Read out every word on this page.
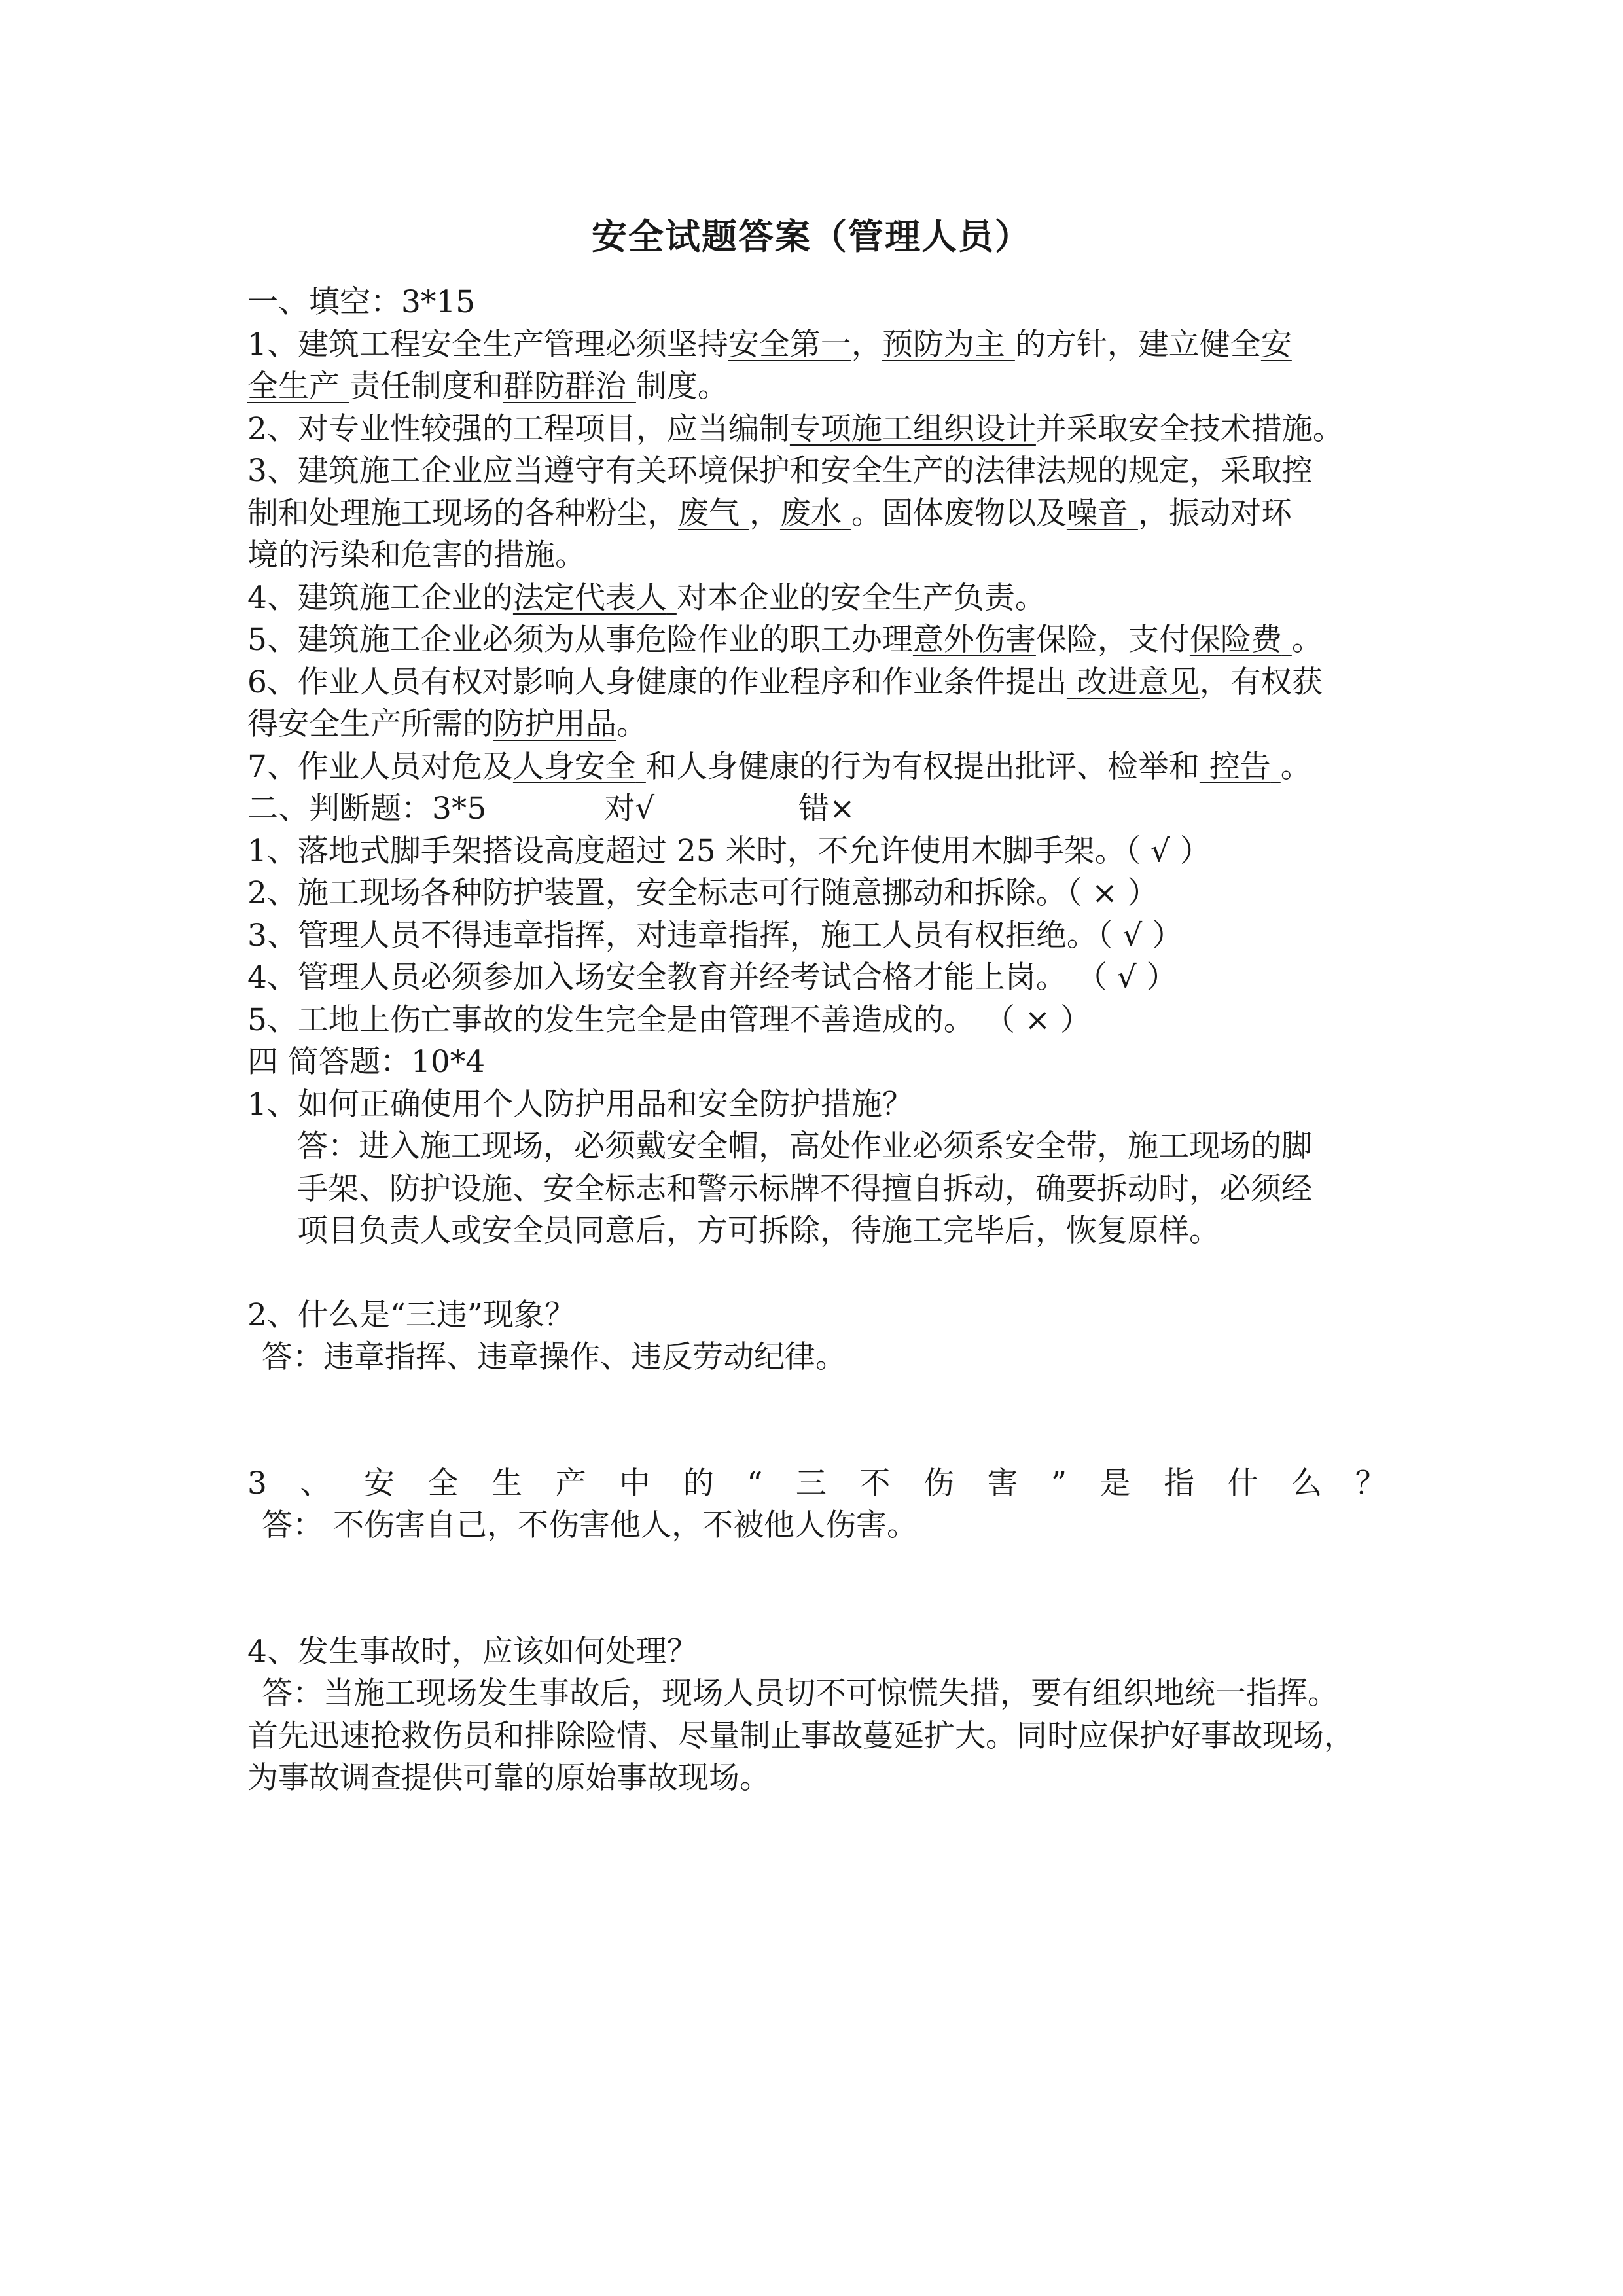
安全试题答案（管理人员）
一、填空：3*15
1、建筑工程安全生产管理必须坚持安全第一，预防为主 的方针，建立健全安
全生产 责任制度和群防群治 制度。
2、对专业性较强的工程项目，应当编制专项施工组织设计并采取安全技术措施。
3、建筑施工企业应当遵守有关环境保护和安全生产的法律法规的规定，采取控
制和处理施工现场的各种粉尘，废气 ，废水 。固体废物以及噪音 ，振动对环
境的污染和危害的措施。
4、建筑施工企业的法定代表人 对本企业的安全生产负责。
5、建筑施工企业必须为从事危险作业的职工办理意外伤害保险，支付保险费 。
6、作业人员有权对影响人身健康的作业程序和作业条件提出 改进意见，有权获
得安全生产所需的防护用品。
7、作业人员对危及人身安全 和人身健康的行为有权提出批评、检举和 控告 。
二、判断题：3*5	对√	错×
1、落地式脚手架搭设高度超过 25 米时，不允许使用木脚手架。（ √ ）
2、施工现场各种防护装置，安全标志可行随意挪动和拆除。（ × ）
3、管理人员不得违章指挥，对违章指挥，施工人员有权拒绝。（ √ ）
4、管理人员必须参加入场安全教育并经考试合格才能上岗。 （ √ ）
5、工地上伤亡事故的发生完全是由管理不善造成的。 （ × ）
四 简答题：10*4
1、如何正确使用个人防护用品和安全防护措施？
答：进入施工现场，必须戴安全帽，高处作业必须系安全带，施工现场的脚
手架、防护设施、安全标志和警示标牌不得擅自拆动，确要拆动时，必须经
项目负责人或安全员同意后，方可拆除，待施工完毕后，恢复原样。
2、什么是“三违”现象？
答：违章指挥、违章操作、违反劳动纪律。
3 、 安 全 生 产 中 的 “ 三 不 伤 害 ” 是 指 什 么 ？
答： 不伤害自己，不伤害他人，不被他人伤害。
4、发生事故时，应该如何处理？
答：当施工现场发生事故后，现场人员切不可惊慌失措，要有组织地统一指挥。
首先迅速抢救伤员和排除险情、尽量制止事故蔓延扩大。同时应保护好事故现场，
为事故调查提供可靠的原始事故现场。
